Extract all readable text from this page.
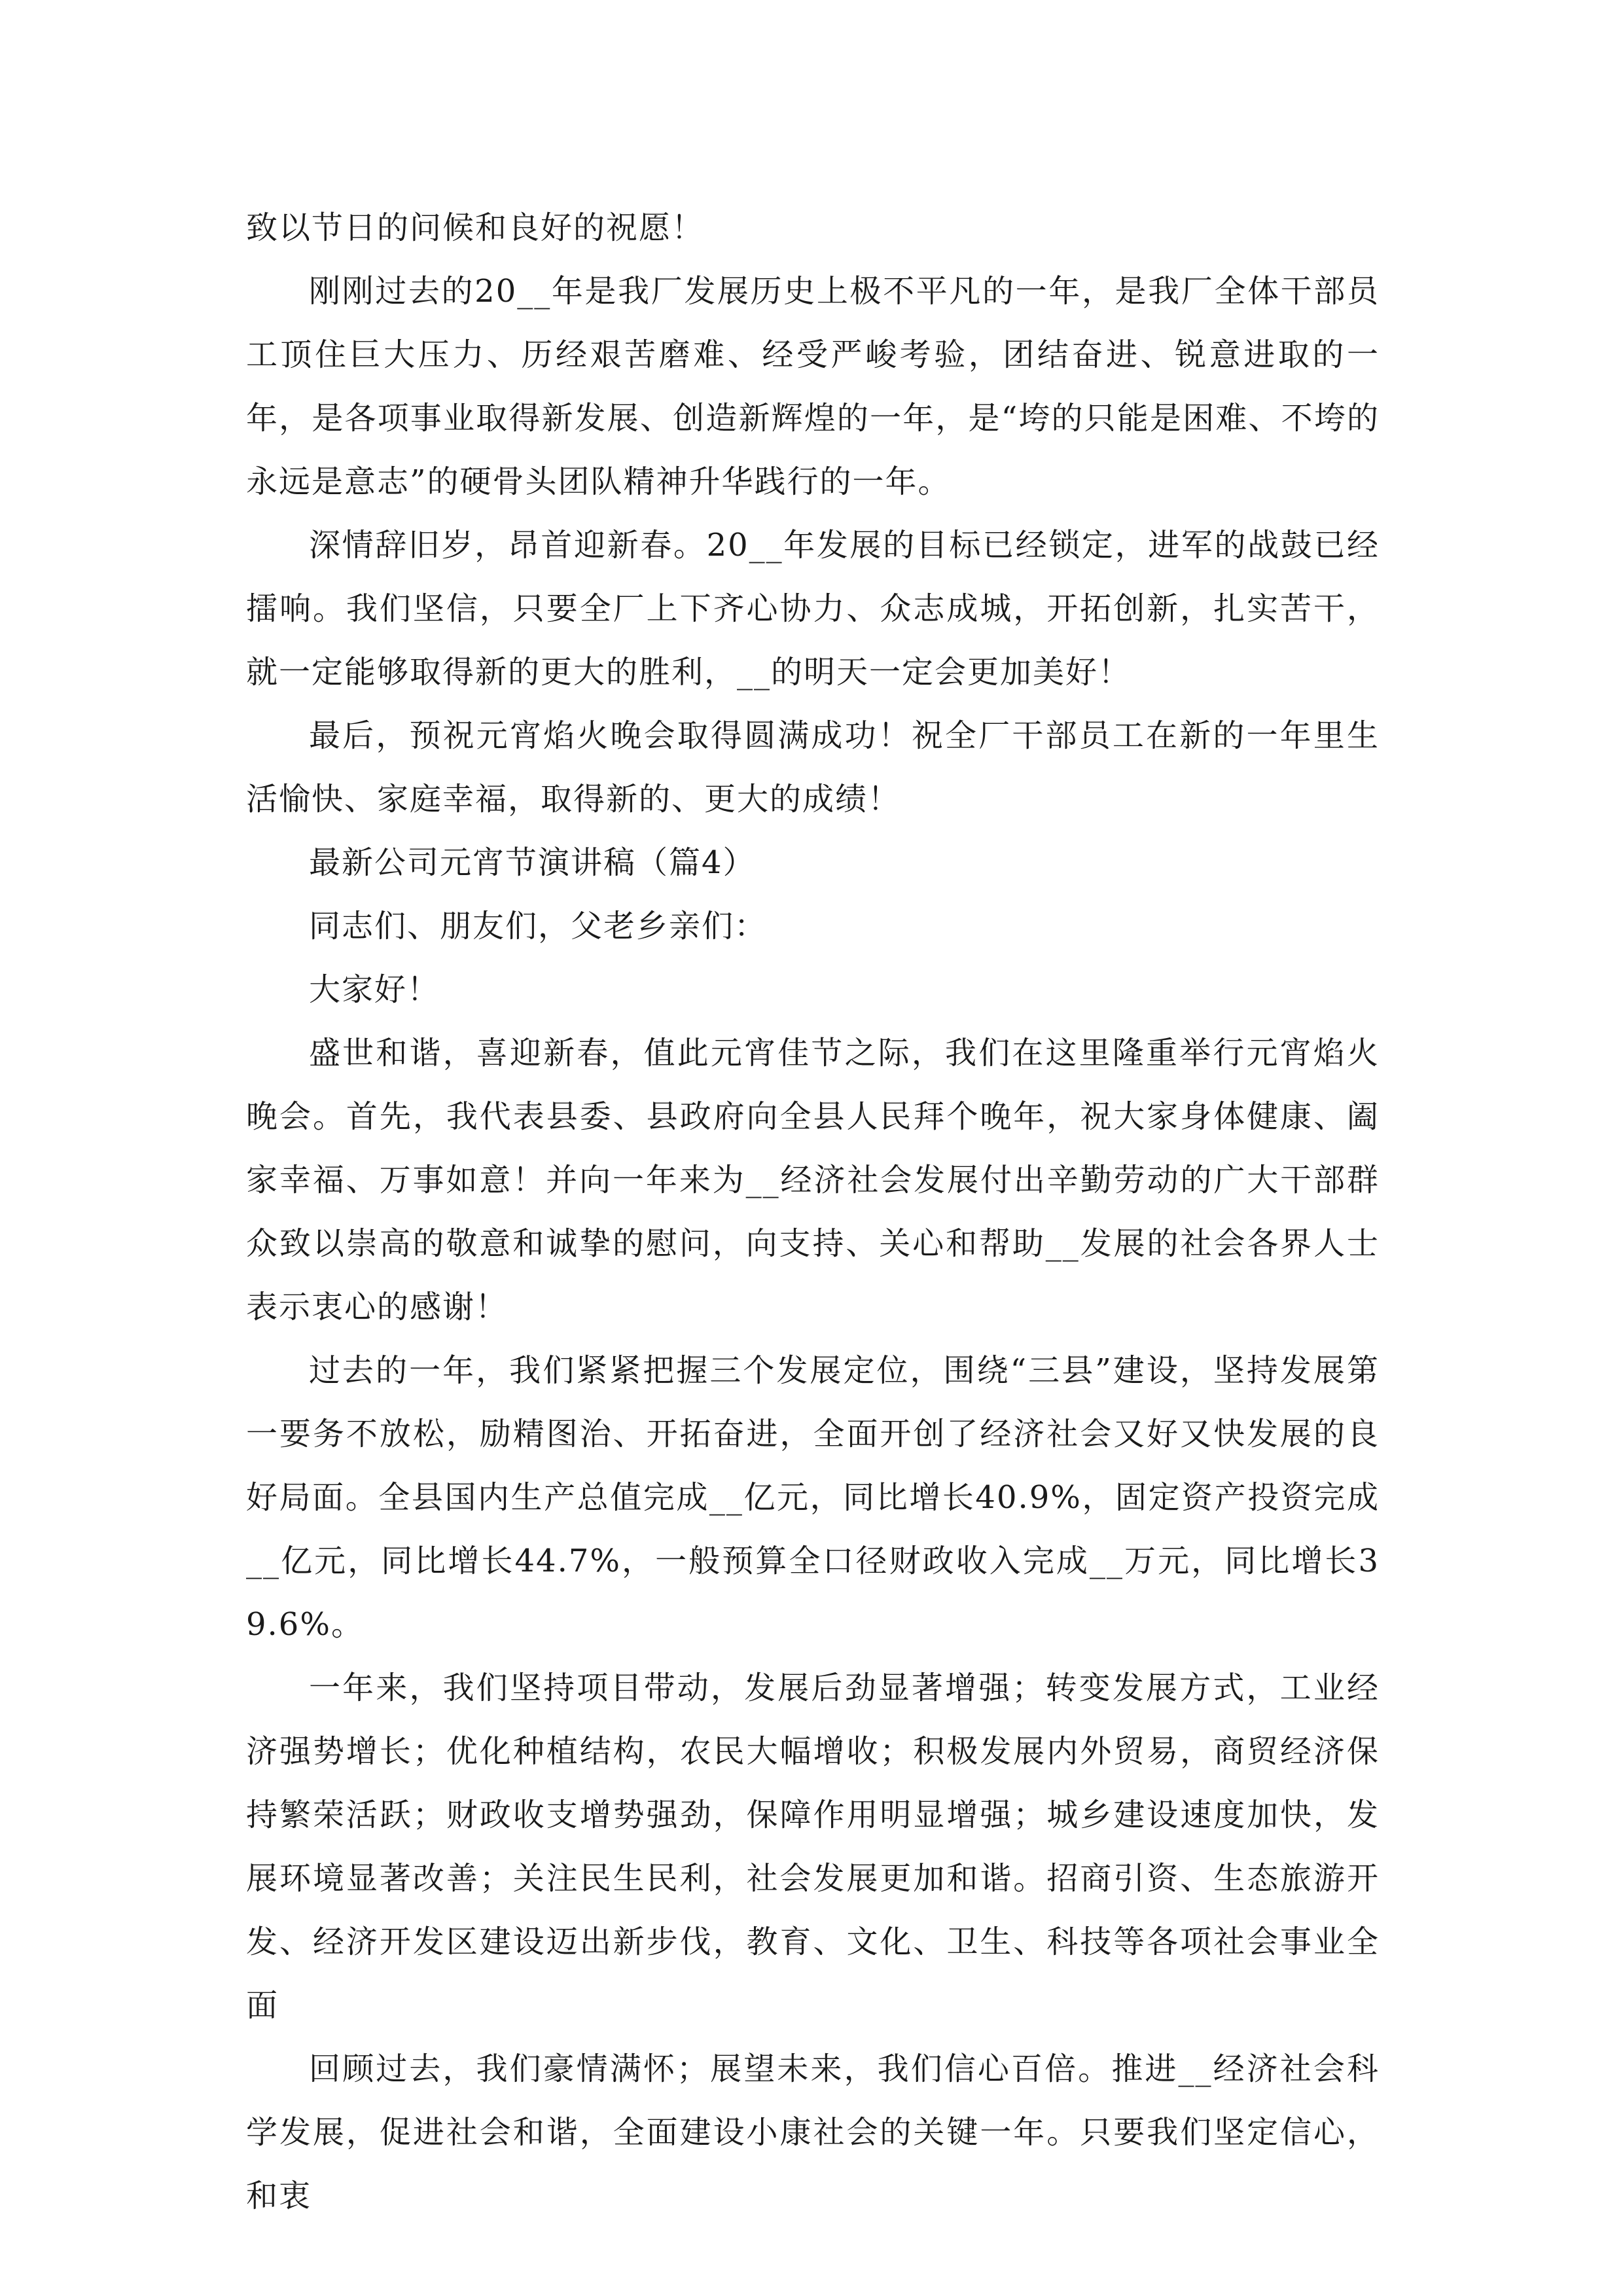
致以节日的问候和良好的祝愿！

刚刚过去的20__年是我厂发展历史上极不平凡的一年，是我厂全体干部员工顶住巨大压力、历经艰苦磨难、经受严峻考验，团结奋进、锐意进取的一年，是各项事业取得新发展、创造新辉煌的一年，是“垮的只能是困难、不垮的永远是意志”的硬骨头团队精神升华践行的一年。

深情辞旧岁，昂首迎新春。20__年发展的目标已经锁定，进军的战鼓已经擂响。我们坚信，只要全厂上下齐心协力、众志成城，开拓创新，扎实苦干，就一定能够取得新的更大的胜利，__的明天一定会更加美好！

最后，预祝元宵焰火晚会取得圆满成功！祝全厂干部员工在新的一年里生活愉快、家庭幸福，取得新的、更大的成绩！

最新公司元宵节演讲稿（篇4）

同志们、朋友们，父老乡亲们：

大家好！

盛世和谐，喜迎新春，值此元宵佳节之际，我们在这里隆重举行元宵焰火晚会。首先，我代表县委、县政府向全县人民拜个晚年，祝大家身体健康、阖家幸福、万事如意！并向一年来为__经济社会发展付出辛勤劳动的广大干部群众致以崇高的敬意和诚挚的慰问，向支持、关心和帮助__发展的社会各界人士表示衷心的感谢！

过去的一年，我们紧紧把握三个发展定位，围绕“三县”建设，坚持发展第一要务不放松，励精图治、开拓奋进，全面开创了经济社会又好又快发展的良好局面。全县国内生产总值完成__亿元，同比增长40.9%，固定资产投资完成__亿元，同比增长44.7%，一般预算全口径财政收入完成__万元，同比增长39.6%。

一年来，我们坚持项目带动，发展后劲显著增强；转变发展方式，工业经济强势增长；优化种植结构，农民大幅增收；积极发展内外贸易，商贸经济保持繁荣活跃；财政收支增势强劲，保障作用明显增强；城乡建设速度加快，发展环境显著改善；关注民生民利，社会发展更加和谐。招商引资、生态旅游开发、经济开发区建设迈出新步伐，教育、文化、卫生、科技等各项社会事业全面

回顾过去，我们豪情满怀；展望未来，我们信心百倍。推进__经济社会科学发展，促进社会和谐，全面建设小康社会的关键一年。只要我们坚定信心，和衷
